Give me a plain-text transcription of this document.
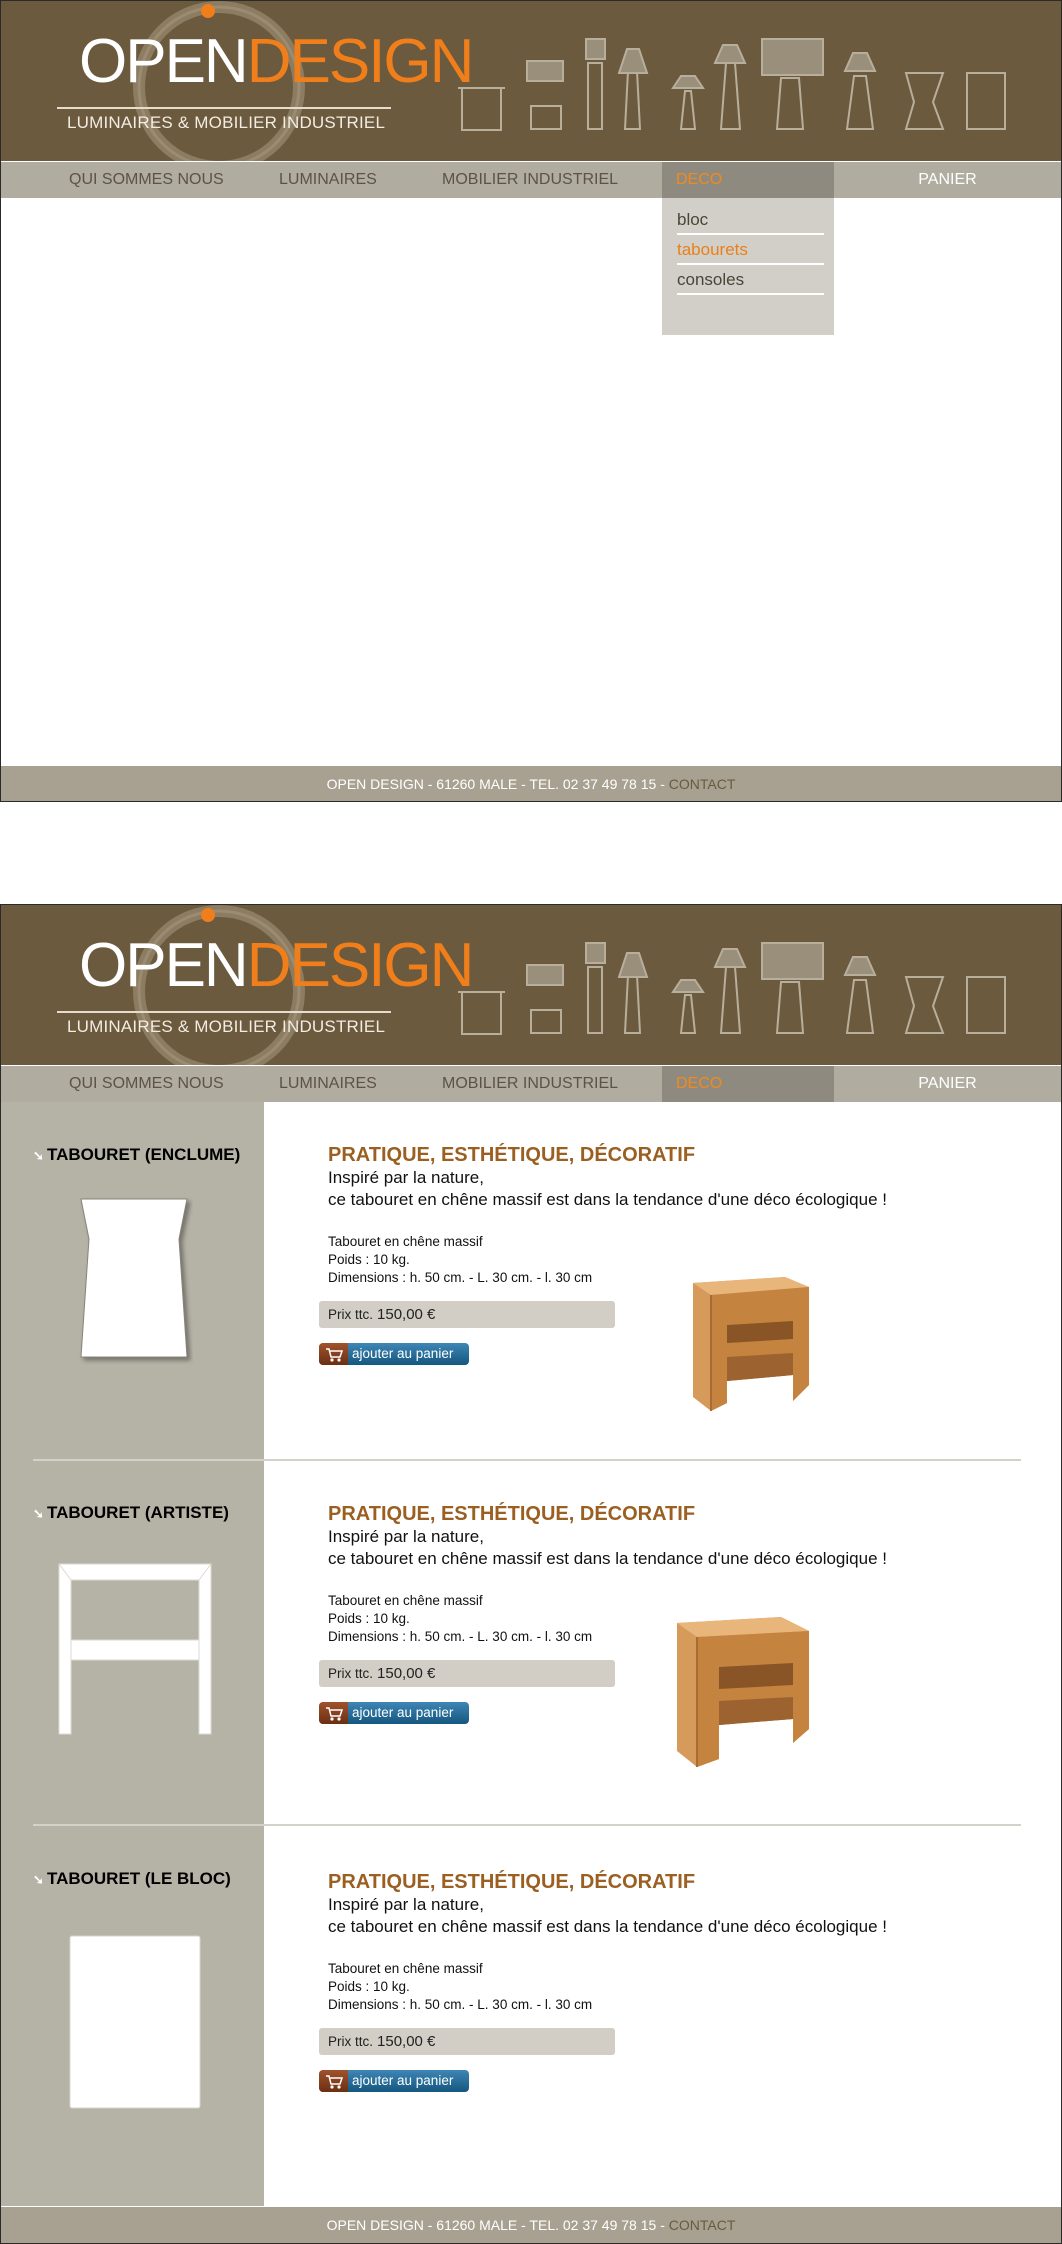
OPENDESIGN
LUMINAIRES & MOBILIER INDUSTRIEL
QUI SOMMES NOUS	LUMINAIRES	MOBILIER INDUSTRIEL	DECO	PANIER
bloc
tabourets
consoles
OPEN DESIGN - 61260 MALE - TEL. 02 37 49 78 15 - CONTACT
OPENDESIGN
LUMINAIRES & MOBILIER INDUSTRIEL
QUI SOMMES NOUS	LUMINAIRES	MOBILIER INDUSTRIEL	DECO	PANIER
➘ TABOURET (ENCLUME)	PRATIQUE, ESTHÉTIQUE, DÉCORATIF
Inspiré par la nature,
ce tabouret en chêne massif est dans la tendance d'une déco écologique !
Tabouret en chêne massif
Poids : 10 kg.
Dimensions : h. 50 cm. - L. 30 cm. - l. 30 cm
Prix ttc. 150,00 €
ajouter au panier
➘ TABOURET (ARTISTE)	PRATIQUE, ESTHÉTIQUE, DÉCORATIF
Inspiré par la nature,
ce tabouret en chêne massif est dans la tendance d'une déco écologique !
Tabouret en chêne massif
Poids : 10 kg.
Dimensions : h. 50 cm. - L. 30 cm. - l. 30 cm
Prix ttc. 150,00 €
ajouter au panier
➘ TABOURET (LE BLOC)	PRATIQUE, ESTHÉTIQUE, DÉCORATIF
Inspiré par la nature,
ce tabouret en chêne massif est dans la tendance d'une déco écologique !
Tabouret en chêne massif
Poids : 10 kg.
Dimensions : h. 50 cm. - L. 30 cm. - l. 30 cm
Prix ttc. 150,00 €
ajouter au panier
OPEN DESIGN - 61260 MALE - TEL. 02 37 49 78 15 - CONTACT
